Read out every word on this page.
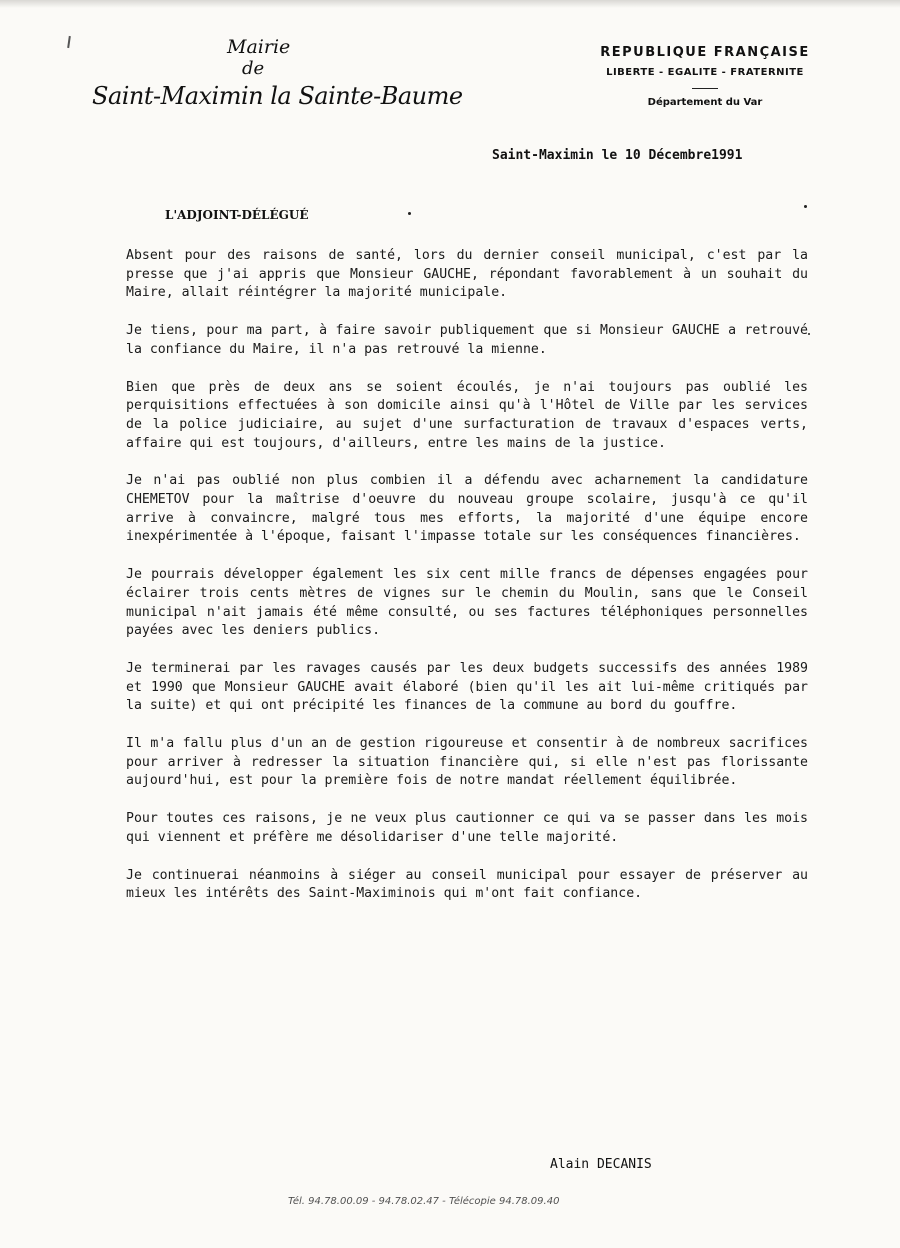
Mairie
de
Saint-Maximin la Sainte-Baume
REPUBLIQUE FRANÇAISE
LIBERTE - EGALITE - FRATERNITE
Département du Var
Saint-Maximin le 10 Décembre1991
L'ADJOINT-DÉLÉGUÉ

Absent pour des raisons de santé, lors du dernier conseil municipal, c'est par la presse que j'ai appris que Monsieur GAUCHE, répondant favorablement à un souhait du Maire, allait réintégrer la majorité municipale.

Je tiens, pour ma part, à faire savoir publiquement que si Monsieur GAUCHE a retrouvé la confiance du Maire, il n'a pas retrouvé la mienne.

Bien que près de deux ans se soient écoulés, je n'ai toujours pas oublié les perquisitions effectuées à son domicile ainsi qu'à l'Hôtel de Ville par les services de la police judiciaire, au sujet d'une surfacturation de travaux d'espaces verts, affaire qui est toujours, d'ailleurs, entre les mains de la justice.

Je n'ai pas oublié non plus combien il a défendu avec acharnement la candidature CHEMETOV pour la maîtrise d'oeuvre du nouveau groupe scolaire, jusqu'à ce qu'il arrive à convaincre, malgré tous mes efforts, la majorité d'une équipe encore inexpérimentée à l'époque, faisant l'impasse totale sur les conséquences financières.

Je pourrais développer également les six cent mille francs de dépenses engagées pour éclairer trois cents mètres de vignes sur le chemin du Moulin, sans que le Conseil municipal n'ait jamais été même consulté, ou ses factures téléphoniques personnelles payées avec les deniers publics.

Je terminerai par les ravages causés par les deux budgets successifs des années 1989 et 1990 que Monsieur GAUCHE avait élaboré (bien qu'il les ait lui-même critiqués par la suite) et qui ont précipité les finances de la commune au bord du gouffre.

Il m'a fallu plus d'un an de gestion rigoureuse et consentir à de nombreux sacrifices pour arriver à redresser la situation financière qui, si elle n'est pas florissante aujourd'hui, est pour la première fois de notre mandat réellement équilibrée.

Pour toutes ces raisons, je ne veux plus cautionner ce qui va se passer dans les mois qui viennent et préfère me désolidariser d'une telle majorité.

Je continuerai néanmoins à siéger au conseil municipal pour essayer de préserver au mieux les intérêts des Saint-Maximinois qui m'ont fait confiance.

Alain DECANIS
Tél. 94.78.00.09 - 94.78.02.47 - Télécopie 94.78.09.40
